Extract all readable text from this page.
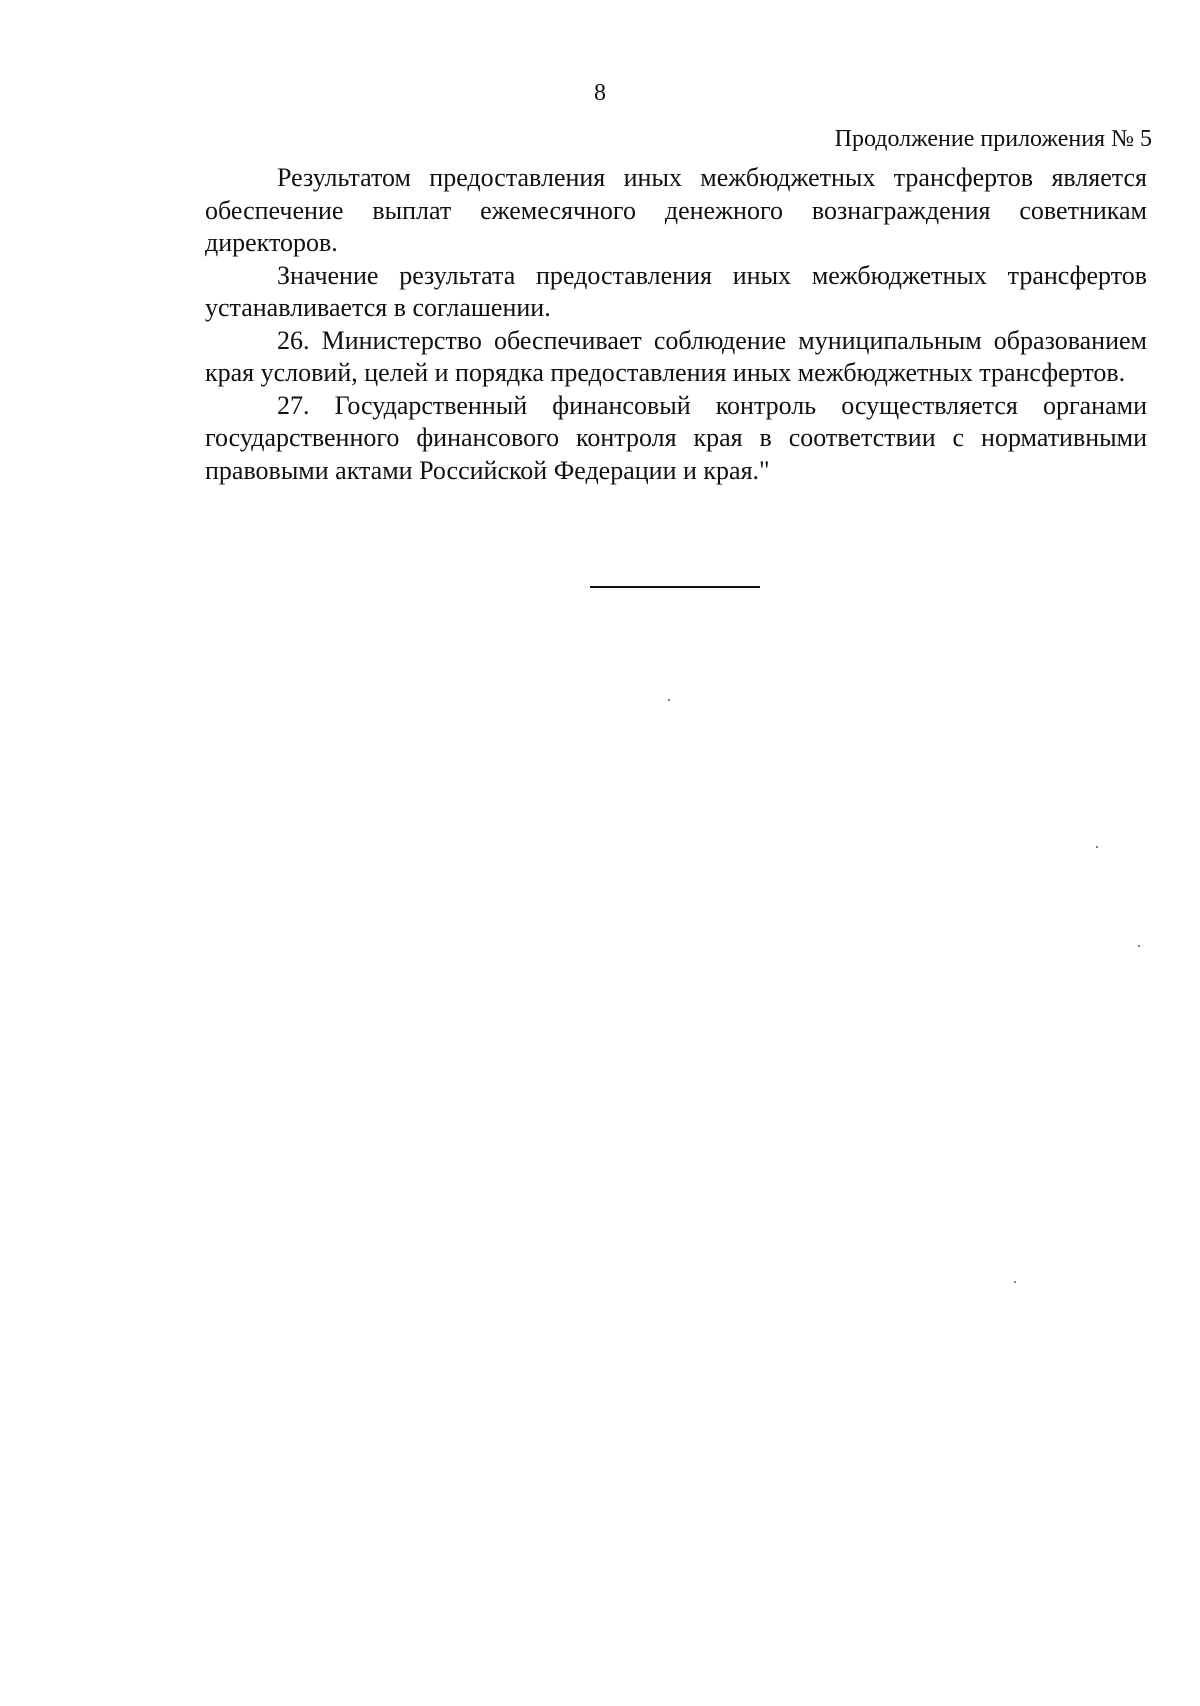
8
Продолжение приложения № 5

Результатом предоставления иных межбюджетных трансфертов является обеспечение выплат ежемесячного денежного вознаграждения советникам директоров.

Значение результата предоставления иных межбюджетных трансфертов устанавливается в соглашении.

26. Министерство обеспечивает соблюдение муниципальным образованием края условий, целей и порядка предоставления иных межбюджетных трансфертов.

27. Государственный финансовый контроль осуществляется органами государственного финансового контроля края в соответствии с нормативными правовыми актами Российской Федерации и края."
